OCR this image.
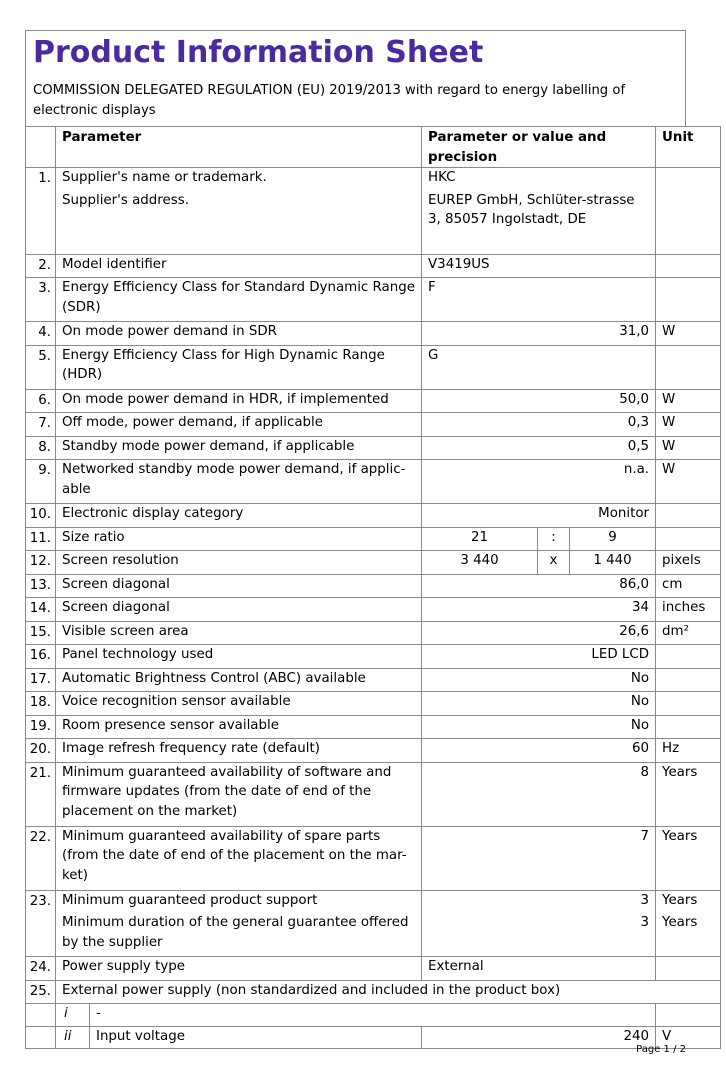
Product Information Sheet
COMMISSION DELEGATED REGULATION (EU) 2019/2013 with regard to energy labelling of electronic displays
	Parameter		Parameter or value and precision			Unit
1.	Supplier's name or trademark.		HKC			
	Supplier's address.		EUREP GmbH, Schlüter-strasse 3, 85057 Ingolstadt, DE			
2.	Model identifier		V3419US			
3.	Energy Efficiency Class for Standard Dynamic Range (SDR)		F			
4.	On mode power demand in SDR		31,0			W
5.	Energy Efficiency Class for High Dynamic Range (HDR)		G			
6.	On mode power demand in HDR, if implemented		50,0			W
7.	Off mode, power demand, if applicable		0,3			W
8.	Standby mode power demand, if applicable		0,5			W
9.	Networked standby mode power demand, if applic-able		n.a.			W
10.	Electronic display category		Monitor			
11.	Size ratio		21	:	9	
12.	Screen resolution		3 440	x	1 440	pixels
13.	Screen diagonal		86,0			cm
14.	Screen diagonal		34			inches
15.	Visible screen area		26,6			dm²
16.	Panel technology used		LED LCD			
17.	Automatic Brightness Control (ABC) available		No			
18.	Voice recognition sensor available		No			
19.	Room presence sensor available		No			
20.	Image refresh frequency rate (default)		60			Hz
21.	Minimum guaranteed availability of software and firmware updates (from the date of end of the placement on the market)		8			Years
22.	Minimum guaranteed availability of spare parts (from the date of end of the placement on the mar-ket)		7			Years
23.	Minimum guaranteed product support		3			Years
	Minimum duration of the general guarantee offered by the supplier		3			Years
24.	Power supply type		External			
25.	External power supply (non standardized and included in the product box)					
	i	-				
	ii	Input voltage	240			V
Page 1 / 2
